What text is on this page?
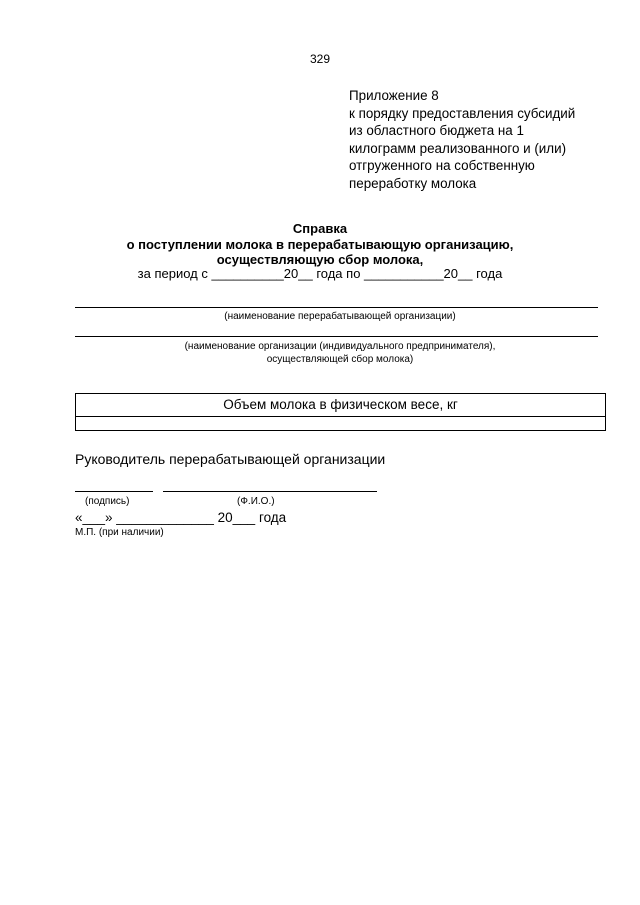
329
Приложение 8
к порядку предоставления субсидий
из областного бюджета на 1
килограмм реализованного и (или)
отгруженного на собственную
переработку молока
Справка
о поступлении молока в перерабатывающую организацию,
осуществляющую сбор молока,
за период с __________20__ года по ___________20__ года
(наименование перерабатывающей организации)
(наименование организации (индивидуального предпринимателя),
осуществляющей сбор молока)
Объем молока в физическом весе, кг
Руководитель перерабатывающей организации
(подпись)	(Ф.И.О.)
«___» _____________ 20___ года
М.П. (при наличии)
